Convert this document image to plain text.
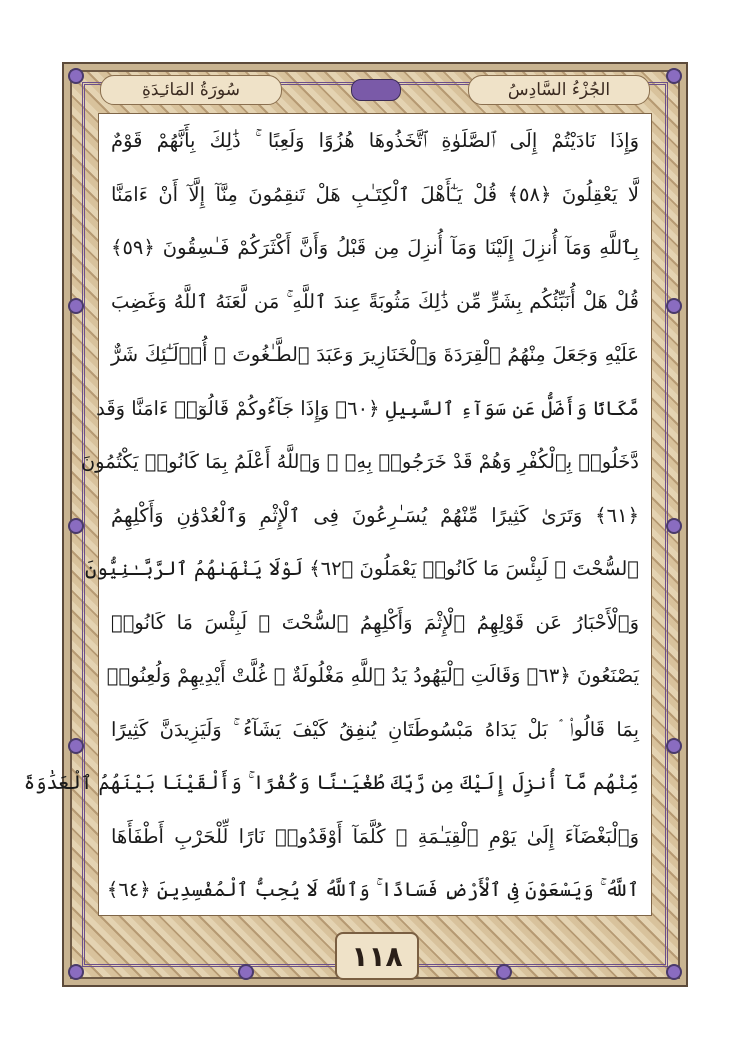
سُورَةُ المَائـِدَةِ	الجُزْءُ السَّادِسُ
وَإِذَا نَادَيْتُمْ إِلَى ٱلصَّلَوٰةِ ٱتَّخَذُوهَا هُزُوًا وَلَعِبًا ۚ ذَٰلِكَ بِأَنَّهُمْ قَوْمٌ
لَّا يَعْقِلُونَ ﴿٥٨﴾ قُلْ يَـٰٓأَهْلَ ٱلْكِتَـٰبِ هَلْ تَنقِمُونَ مِنَّآ إِلَّآ أَنْ ءَامَنَّا
بِٱللَّهِ وَمَآ أُنزِلَ إِلَيْنَا وَمَآ أُنزِلَ مِن قَبْلُ وَأَنَّ أَكْثَرَكُمْ فَـٰسِقُونَ ﴿٥٩﴾
قُلْ هَلْ أُنَبِّئُكُم بِشَرٍّ مِّن ذَٰلِكَ مَثُوبَةً عِندَ ٱللَّهِ ۚ مَن لَّعَنَهُ ٱللَّهُ وَغَضِبَ
عَلَيْهِ وَجَعَلَ مِنْهُمُ ٱلْقِرَدَةَ وَٱلْخَنَازِيرَ وَعَبَدَ ٱلطَّـٰغُوتَ ۚ أُو۟لَـٰٓئِكَ شَرٌّ
مَّكَانًا وَأَضَلُّ عَن سَوَآءِ ٱلسَّبِيلِ ﴿٦٠﴾ وَإِذَا جَآءُوكُمْ قَالُوٓا۟ ءَامَنَّا وَقَد
دَّخَلُوا۟ بِٱلْكُفْرِ وَهُمْ قَدْ خَرَجُوا۟ بِهِۦ ۚ وَٱللَّهُ أَعْلَمُ بِمَا كَانُوا۟ يَكْتُمُونَ
﴿٦١﴾ وَتَرَىٰ كَثِيرًا مِّنْهُمْ يُسَـٰرِعُونَ فِى ٱلْإِثْمِ وَٱلْعُدْوَٰنِ وَأَكْلِهِمُ
ٱلسُّحْتَ ۚ لَبِئْسَ مَا كَانُوا۟ يَعْمَلُونَ ﴿٦٢﴾ لَوْلَا يَنْهَىٰهُمُ ٱلرَّبَّـٰنِيُّونَ
وَٱلْأَحْبَارُ عَن قَوْلِهِمُ ٱلْإِثْمَ وَأَكْلِهِمُ ٱلسُّحْتَ ۚ لَبِئْسَ مَا كَانُوا۟
يَصْنَعُونَ ﴿٦٣﴾ وَقَالَتِ ٱلْيَهُودُ يَدُ ٱللَّهِ مَغْلُولَةٌ ۚ غُلَّتْ أَيْدِيهِمْ وَلُعِنُوا۟
بِمَا قَالُوا۟ ۘ بَلْ يَدَاهُ مَبْسُوطَتَانِ يُنفِقُ كَيْفَ يَشَآءُ ۚ وَلَيَزِيدَنَّ كَثِيرًا
مِّنْهُم مَّآ أُنزِلَ إِلَيْكَ مِن رَّبِّكَ طُغْيَـٰنًا وَكُفْرًا ۚ وَأَلْقَيْنَا بَيْنَهُمُ ٱلْعَدَٰوَةَ
وَٱلْبَغْضَآءَ إِلَىٰ يَوْمِ ٱلْقِيَـٰمَةِ ۚ كُلَّمَآ أَوْقَدُوا۟ نَارًا لِّلْحَرْبِ أَطْفَأَهَا
ٱللَّهُ ۚ وَيَسْعَوْنَ فِى ٱلْأَرْضِ فَسَادًا ۚ وَٱللَّهُ لَا يُحِبُّ ٱلْمُفْسِدِينَ ﴿٦٤﴾
١١٨
